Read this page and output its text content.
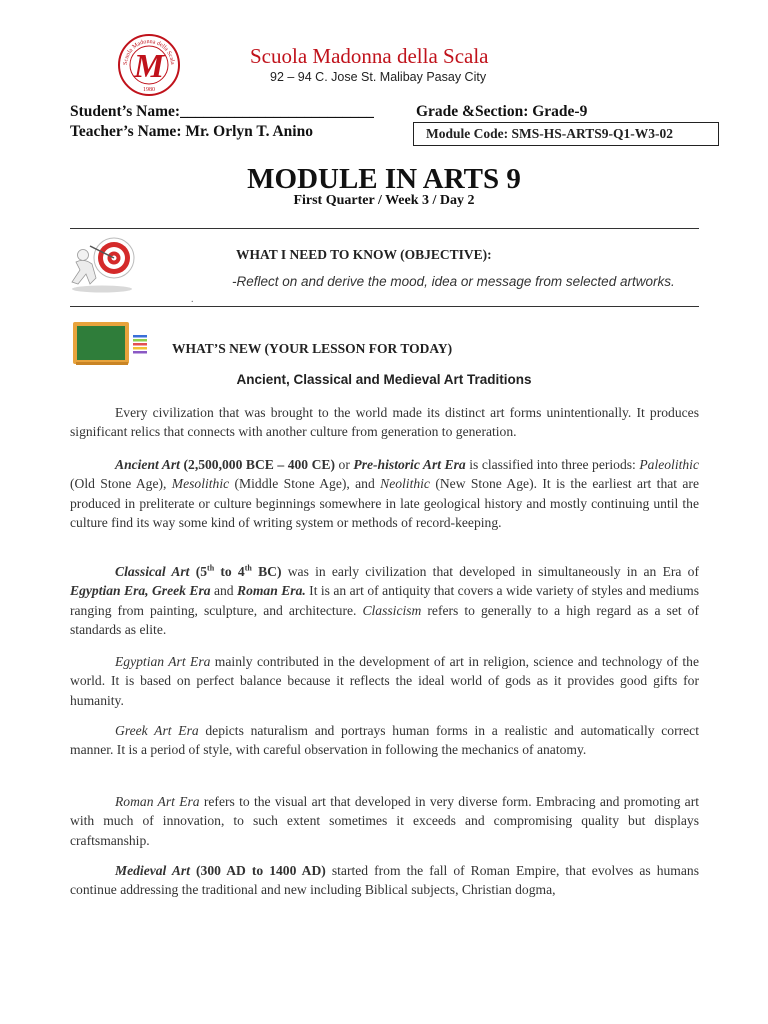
Scuola Madonna della Scala
M
1980
Scuola Madonna della Scala
92 – 94 C. Jose St. Malibay Pasay City
Student’s Name:_________________________	Grade &Section: Grade-9
Teacher’s Name: Mr. Orlyn T. Anino	Module Code: SMS-HS-ARTS9-Q1-W3-02
MODULE IN ARTS 9
First Quarter / Week 3 / Day 2
WHAT I NEED TO KNOW (OBJECTIVE):
-Reflect on and derive the mood, idea or message from selected artworks.
.
WHAT’S NEW (YOUR LESSON FOR TODAY)
Ancient, Classical and Medieval Art Traditions

Every civilization that was brought to the world made its distinct art forms unintentionally. It produces significant relics that connects with another culture from generation to generation.

Ancient Art (2,500,000 BCE – 400 CE) or Pre-historic Art Era is classified into three periods: Paleolithic (Old Stone Age), Mesolithic (Middle Stone Age), and Neolithic (New Stone Age). It is the earliest art that are produced in preliterate or culture beginnings somewhere in late geological history and mostly continuing until the culture find its way some kind of writing system or methods of record-keeping.

Classical Art (5th to 4th BC) was in early civilization that developed in simultaneously in an Era of Egyptian Era, Greek Era and Roman Era. It is an art of antiquity that covers a wide variety of styles and mediums ranging from painting, sculpture, and architecture. Classicism refers to generally to a high regard as a set of standards as elite.

Egyptian Art Era mainly contributed in the development of art in religion, science and technology of the world. It is based on perfect balance because it reflects the ideal world of gods as it provides good gifts for humanity.

Greek Art Era depicts naturalism and portrays human forms in a realistic and automatically correct manner. It is a period of style, with careful observation in following the mechanics of anatomy.

Roman Art Era refers to the visual art that developed in very diverse form. Embracing and promoting art with much of innovation, to such extent sometimes it exceeds and compromising quality but displays craftsmanship.

Medieval Art (300 AD to 1400 AD) started from the fall of Roman Empire, that evolves as humans continue addressing the traditional and new including Biblical subjects, Christian dogma,
